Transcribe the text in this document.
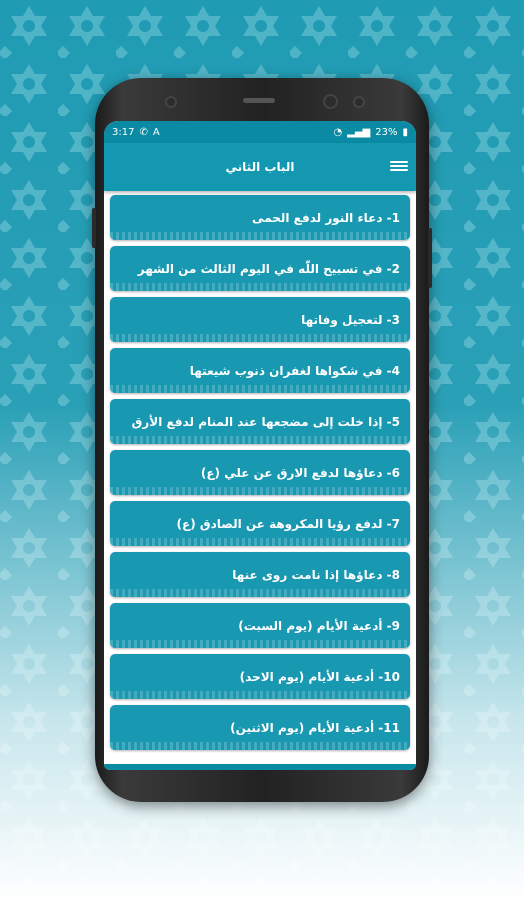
3:17 ✆ A	◔ ▂▄▆ 23% ▮
الباب الثاني
1- دعاء النور لدفع الحمى
2- في تسبيح اللّٰه في اليوم الثالث من الشهر
3- لتعجيل وفاتها
4- في شكواها لغفران ذنوب شيعتها
5- إذا خلت إلى مضجعها عند المنام لدفع الأرق
6- دعاؤها لدفع الارق عن علي (ع)
7- لدفع رؤيا المكروهة عن الصادق (ع)
8- دعاؤها إذا نامت روى عنها
9- أدعية الأيام (يوم السبت)
10- أدعية الأيام (يوم الاحد)
11- أدعية الأيام (يوم الاثنين)
